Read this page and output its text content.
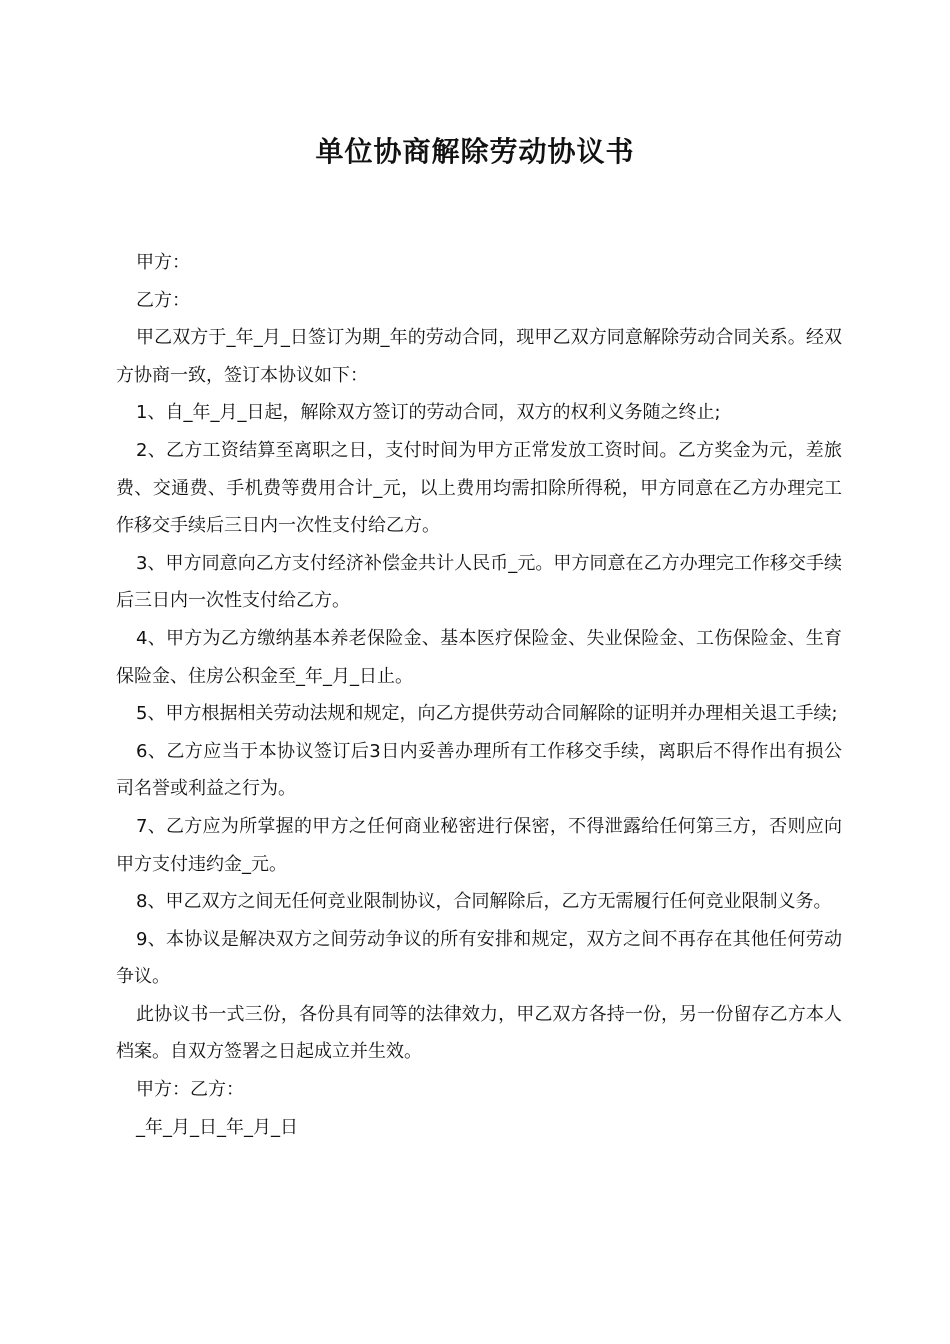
单位协商解除劳动协议书

甲方：

乙方：

甲乙双方于_年_月_日签订为期_年的劳动合同，现甲乙双方同意解除劳动合同关系。经双方协商一致，签订本协议如下：

1、自_年_月_日起，解除双方签订的劳动合同，双方的权利义务随之终止;

2、乙方工资结算至离职之日，支付时间为甲方正常发放工资时间。乙方奖金为元，差旅费、交通费、手机费等费用合计_元，以上费用均需扣除所得税，甲方同意在乙方办理完工作移交手续后三日内一次性支付给乙方。

3、甲方同意向乙方支付经济补偿金共计人民币_元。甲方同意在乙方办理完工作移交手续后三日内一次性支付给乙方。

4、甲方为乙方缴纳基本养老保险金、基本医疗保险金、失业保险金、工伤保险金、生育保险金、住房公积金至_年_月_日止。

5、甲方根据相关劳动法规和规定，向乙方提供劳动合同解除的证明并办理相关退工手续;

6、乙方应当于本协议签订后3日内妥善办理所有工作移交手续，离职后不得作出有损公司名誉或利益之行为。

7、乙方应为所掌握的甲方之任何商业秘密进行保密，不得泄露给任何第三方，否则应向甲方支付违约金_元。

8、甲乙双方之间无任何竞业限制协议，合同解除后，乙方无需履行任何竞业限制义务。

9、本协议是解决双方之间劳动争议的所有安排和规定，双方之间不再存在其他任何劳动争议。

此协议书一式三份，各份具有同等的法律效力，甲乙双方各持一份，另一份留存乙方本人档案。自双方签署之日起成立并生效。

甲方：乙方：

_年_月_日_年_月_日
